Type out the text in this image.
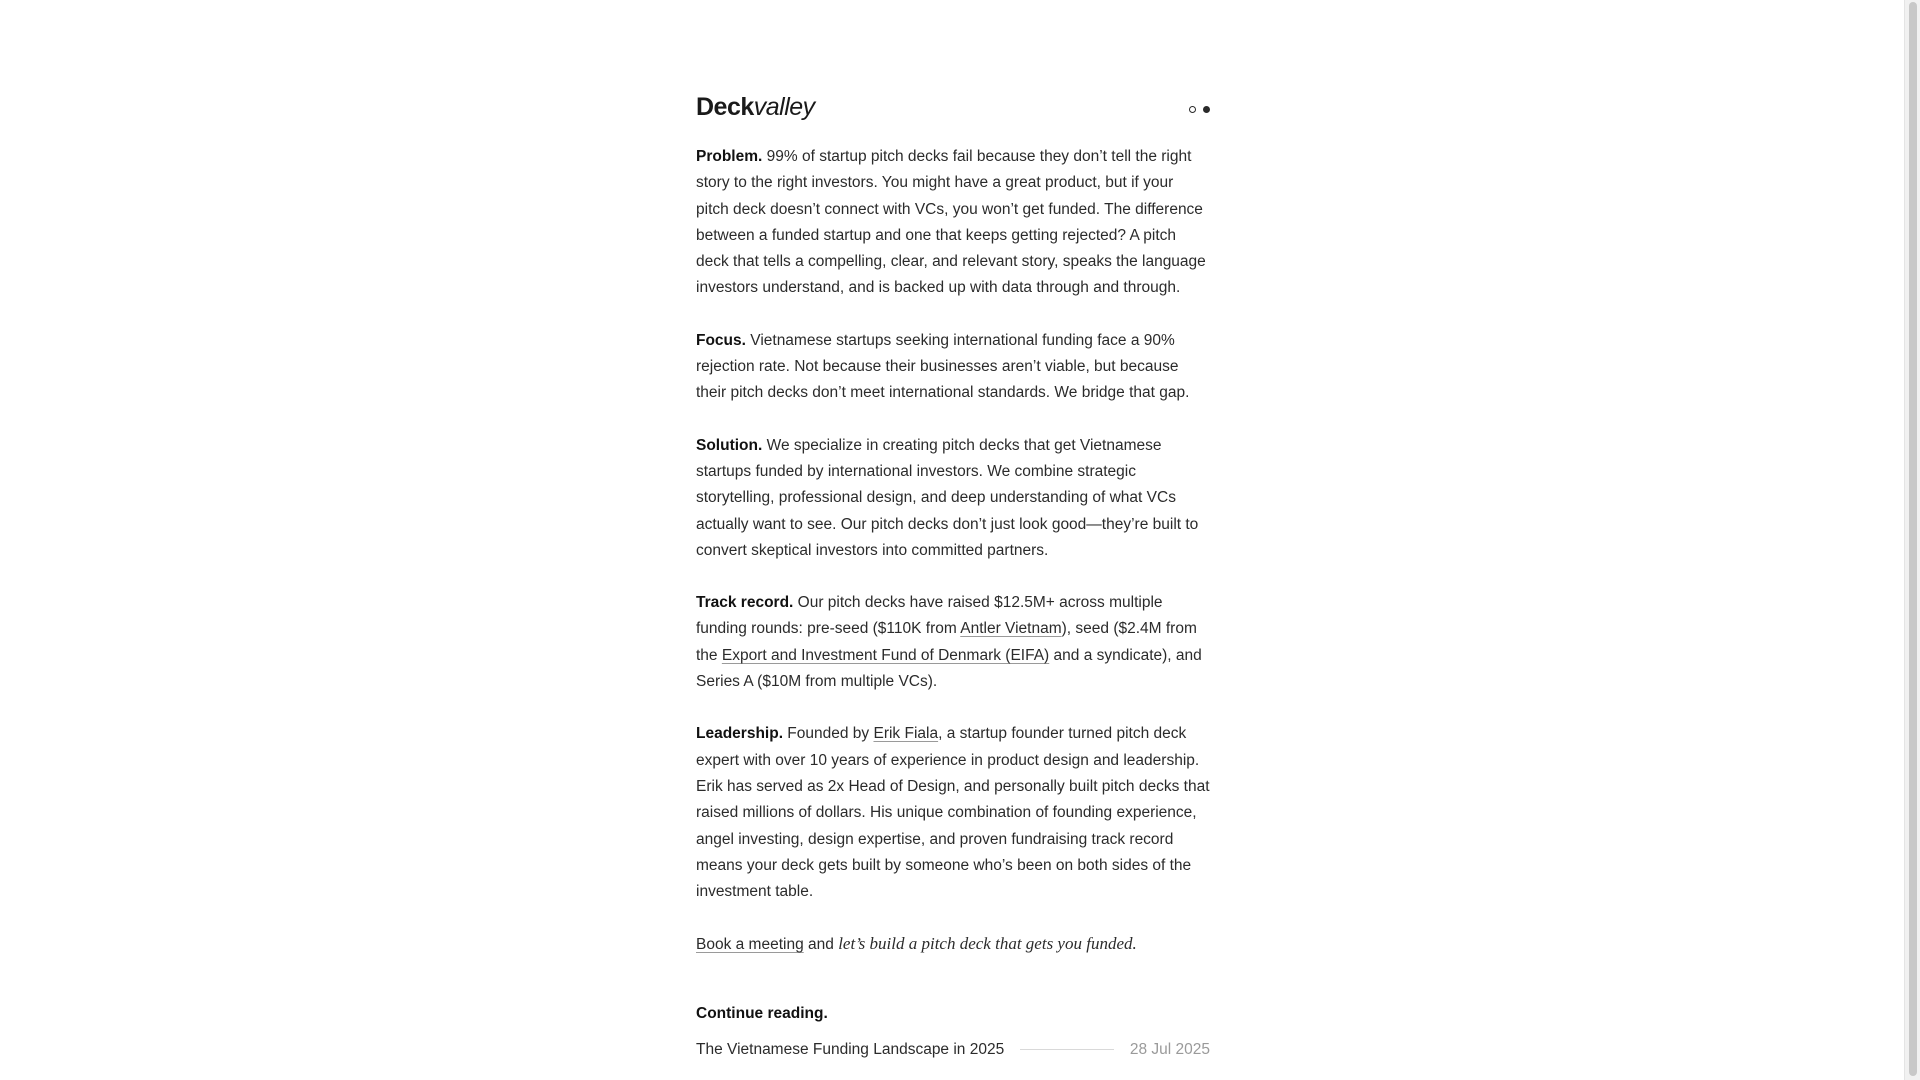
Deckvalley

Problem. 99% of startup pitch decks fail because they don’t tell the right story to the right investors. You might have a great product, but if your pitch deck doesn’t connect with VCs, you won’t get funded. The difference between a funded startup and one that keeps getting rejected? A pitch deck that tells a compelling, clear, and relevant story, speaks the language investors understand, and is backed up with data through and through.

Focus. Vietnamese startups seeking international funding face a 90% rejection rate. Not because their businesses aren’t viable, but because their pitch decks don’t meet international standards. We bridge that gap.

Solution. We specialize in creating pitch decks that get Vietnamese startups funded by international investors. We combine strategic storytelling, professional design, and deep understanding of what VCs actually want to see. Our pitch decks don’t just look good—they’re built to convert skeptical investors into committed partners.

Track record. Our pitch decks have raised $12.5M+ across multiple funding rounds: pre-seed ($110K from Antler Vietnam), seed ($2.4M from the Export and Investment Fund of Denmark (EIFA) and a syndicate), and Series A ($10M from multiple VCs).

Leadership. Founded by Erik Fiala, a startup founder turned pitch deck expert with over 10 years of experience in product design and leadership. Erik has served as 2x Head of Design, and personally built pitch decks that raised millions of dollars. His unique combination of founding experience, angel investing, design expertise, and proven fundraising track record means your deck gets built by someone who’s been on both sides of the investment table.

Book a meeting and let’s build a pitch deck that gets you funded.

Continue reading.
The Vietnamese Funding Landscape in 2025	28 Jul 2025
